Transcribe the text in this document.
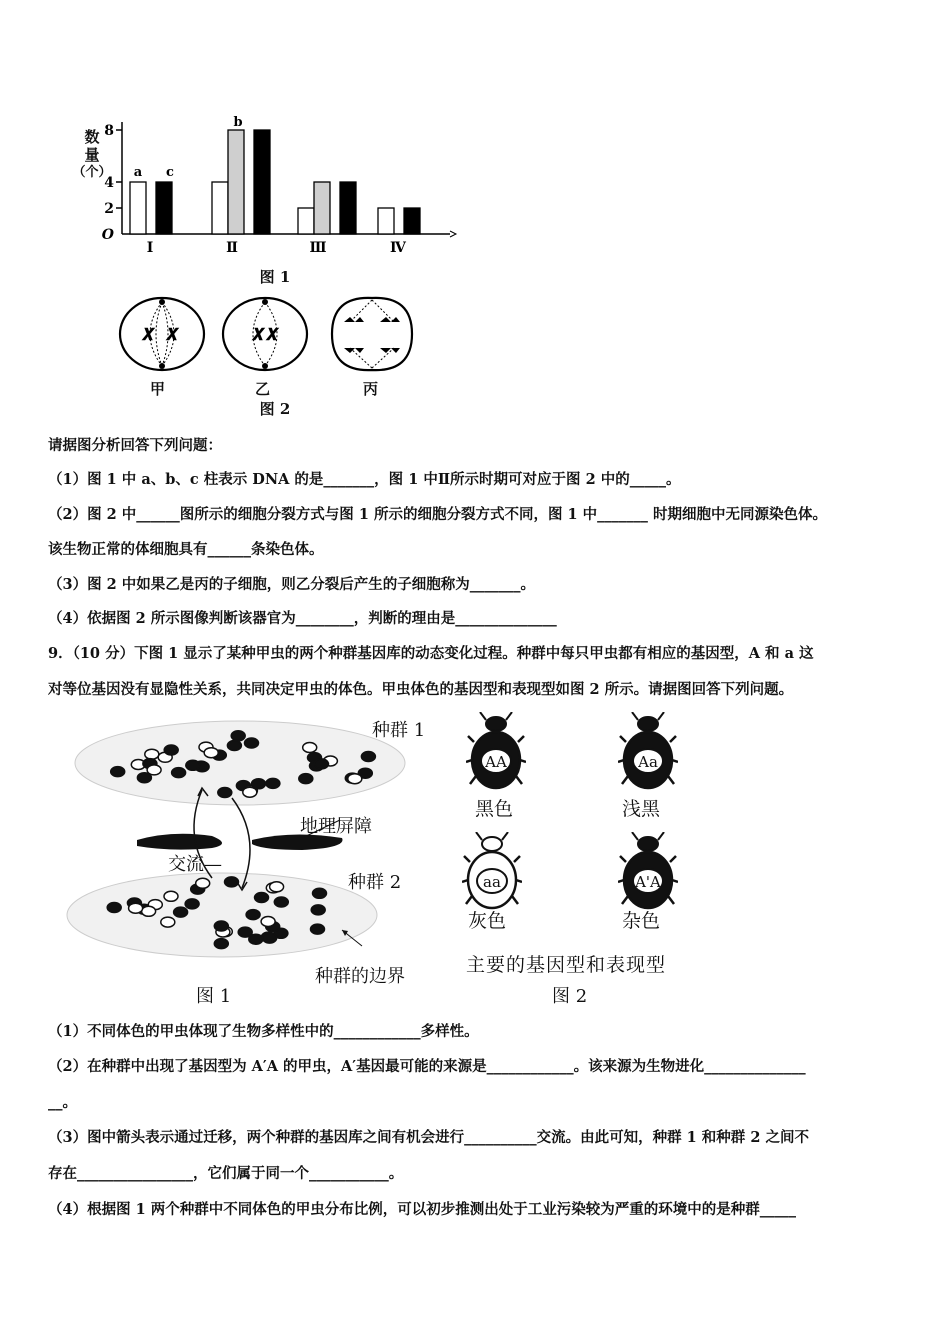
O
2
4
8
Ⅰ	Ⅱ	Ⅲ	Ⅳ
a c
b
数
量
（个）
图 1
𝑿 𝑿	𝑿 𝑿
甲	乙	丙
图 2
请据图分析回答下列问题：
（1）图 1 中 a、b、c 柱表示 DNA 的是_______，图 1 中Ⅱ所示时期可对应于图 2 中的_____。
（2）图 2 中______图所示的细胞分裂方式与图 1 所示的细胞分裂方式不同，图 1 中_______ 时期细胞中无同源染色体。
该生物正常的体细胞具有______条染色体。
（3）图 2 中如果乙是丙的子细胞，则乙分裂后产生的子细胞称为_______。
（4）依据图 2 所示图像判断该器官为________，判断的理由是______________
9．（10 分）下图 1 显示了某种甲虫的两个种群基因库的动态变化过程。种群中每只甲虫都有相应的基因型，A 和 a 这
对等位基因没有显隐性关系，共同决定甲虫的体色。甲虫体色的基因型和表现型如图 2 所示。请据图回答下列问题。
种群 1
地理屏障
交流—
种群 2
种群的边界
图 1
AA
黑色
Aa
浅黑
aa
灰色
A'A
杂色
主要的基因型和表现型
图 2
（1）不同体色的甲虫体现了生物多样性中的____________多样性。
（2）在种群中出现了基因型为 A′A 的甲虫，A′基因最可能的来源是____________。该来源为生物进化______________
__。
（3）图中箭头表示通过迁移，两个种群的基因库之间有机会进行__________交流。由此可知，种群 1 和种群 2 之间不
存在________________，它们属于同一个___________。
（4）根据图 1 两个种群中不同体色的甲虫分布比例，可以初步推测出处于工业污染较为严重的环境中的是种群_____
